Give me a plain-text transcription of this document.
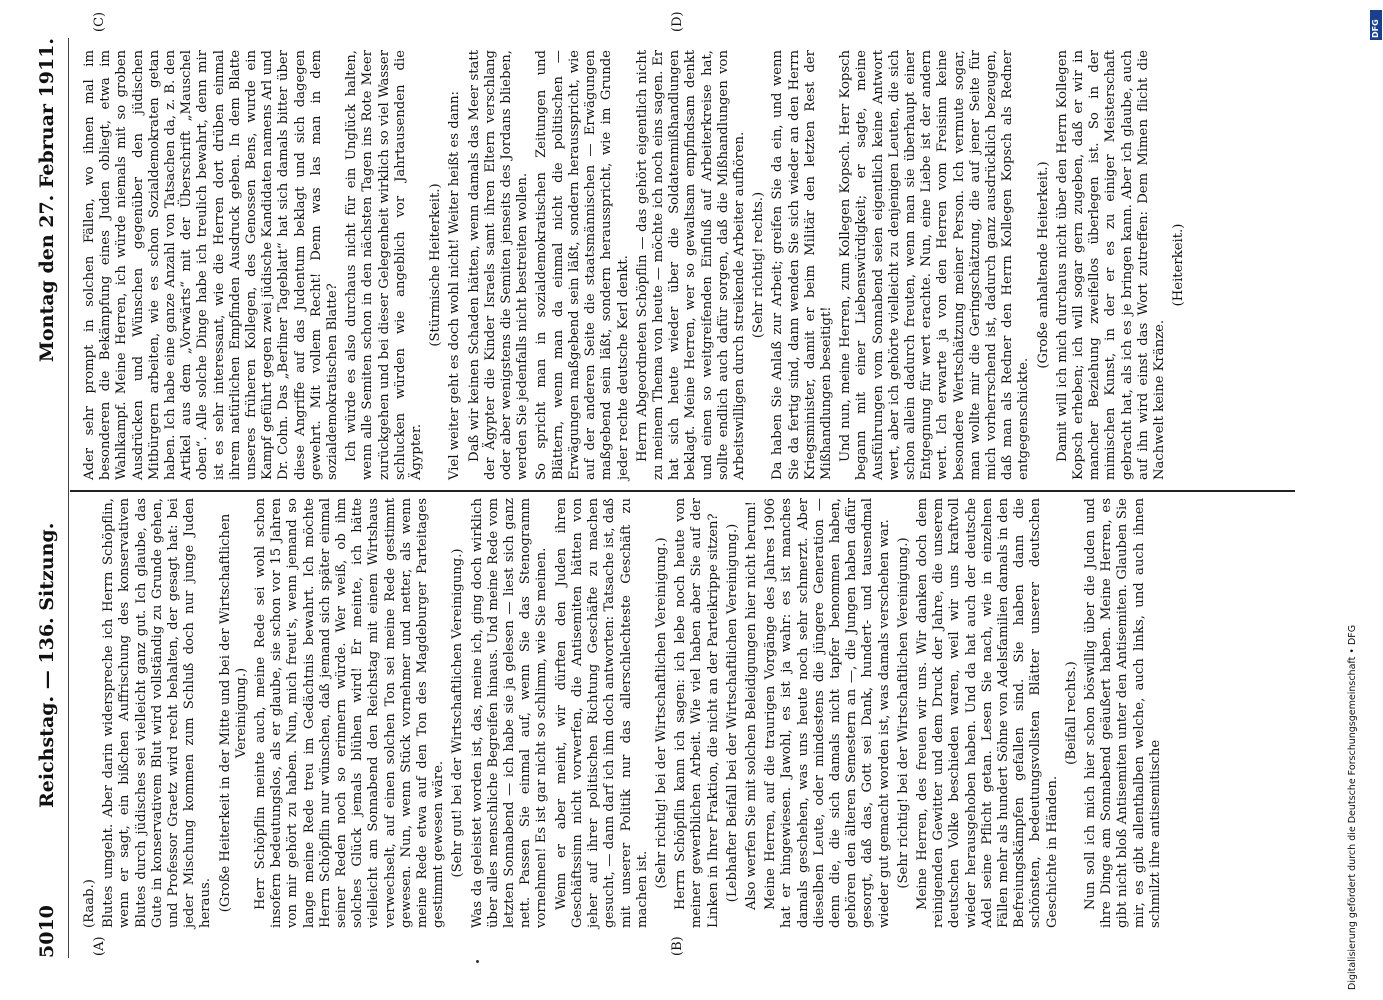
5010
Reichstag. — 136. Sitzung.
Montag den 27. Februar 1911.
(A)	(B)
(C)	(D)

(Raab.) Blutes umgeht. Aber darin widerspreche ich Herrn Schöpflin, wenn er sagt, ein bißchen Auffrischung des konservativen Blutes durch jüdisches sei vielleicht ganz gut. Ich glaube, das Gute in konservativem Blut wird vollständig zu Grunde gehen, und Professor Graetz wird recht behalten, der gesagt hat: bei jeder Mischung kommen zum Schluß doch nur junge Juden heraus. (Große Heiterkeit in der Mitte und bei der Wirtschaftlichen Vereinigung.) Herr Schöpflin meinte auch, meine Rede sei wohl schon insofern bedeutungslos, als er glaube, sie schon vor 15 Jahren von mir gehört zu haben. Nun, mich freut's, wenn jemand so lange meine Rede treu im Gedächtnis bewahrt. Ich möchte Herrn Schöpflin nur wünschen, daß jemand sich später einmal seiner Reden noch so erinnern würde. Wer weiß, ob ihm solches Glück jemals blühen wird! Er meinte, ich hätte vielleicht am Sonnabend den Reichstag mit einem Wirtshaus verwechselt, auf einen solchen Ton sei meine Rede gestimmt gewesen. Nun, wenn Stück vornehmer und netter, als wenn meine Rede etwa auf den Ton des Magdeburger Parteitages gestimmt gewesen wäre. (Sehr gut! bei der Wirtschaftlichen Vereinigung.) Was da geleistet worden ist, das, meine ich, ging doch wirklich über alles menschliche Begreifen hinaus. Und meine Rede vom letzten Sonnabend — ich habe sie ja gelesen — liest sich ganz nett. Passen Sie einmal auf, wenn Sie das Stenogramm vornehmen! Es ist gar nicht so schlimm, wie Sie meinen. Wenn er aber meint, wir dürften den Juden ihren Geschäftssinn nicht vorwerfen, die Antisemiten hätten von jeher auf ihrer politischen Richtung Geschäfte zu machen gesucht, — dann darf ich ihm doch antworten: Tatsache ist, daß mit unserer Politik nur das allerschlechteste Geschäft zu machen ist.

(Sehr richtig! bei der Wirtschaftlichen Vereinigung.) Herrn Schöpflin kann ich sagen: ich lebe noch heute von meiner gewerblichen Arbeit. Wie viel haben aber Sie auf der Linken in Ihrer Fraktion, die nicht an der Parteikrippe sitzen? (Lebhafter Beifall bei der Wirtschaftlichen Vereinigung.) Also werfen Sie mit solchen Beleidigungen hier nicht herum! Meine Herren, auf die traurigen Vorgänge des Jahres 1906 hat er hingewiesen. Jawohl, es ist ja wahr: es ist manches damals geschehen, was uns heute noch sehr schmerzt. Aber dieselben Leute, oder mindestens die jüngere Generation — denn die, die sich damals nicht tapfer benommen haben, gehören den älteren Semestern an —, die Jungen haben dafür gesorgt, daß das, Gott sei Dank, hundert- und tausendmal wieder gut gemacht worden ist, was damals verschehen war. (Sehr richtig! bei der Wirtschaftlichen Vereinigung.) Meine Herren, des freuen wir uns. Wir danken doch dem reinigenden Gewitter und dem Druck der Jahre, die unserem deutschen Volke beschieden waren, weil wir uns kraftvoll wieder herausgehoben haben. Und da hat auch der deutsche Adel seine Pflicht getan. Lesen Sie nach, wie in einzelnen Fällen mehr als hundert Söhne von Adelsfamilien damals in den Befreiungskämpfen gefallen sind. Sie haben dann die schönsten, bedeutungsvollsten Blätter unserer deutschen Geschichte in Händen.

(Beifall rechts.) Nun soll ich mich hier schon böswillig über die Juden und ihre Dinge am Sonnabend geäußert haben. Meine Herren, es gibt nicht bloß Antisemiten unter den Antisemiten. Glauben Sie mir, es gibt allenthalben welche, auch links, und auch ihnen schmilzt ihre antisemitische

Ader sehr prompt in solchen Fällen, wo ihnen mal im besonderen die Bekämpfung eines Juden obliegt, etwa im Wahlkampf. Meine Herren, ich würde niemals mit so groben Ausdrücken und Wünschen gegenüber den jüdischen Mitbürgern arbeiten, wie es schon Sozialdemokraten getan haben. Ich habe eine ganze Anzahl von Tatsachen da, z. B. den Artikel aus dem „Vorwärts“ mit der Überschrift „Mauschel oben“. Alle solche Dinge habe ich treulich bewahrt, denn mir ist es sehr interessant, wie die Herren dort drüben einmal ihrem natürlichen Empfinden Ausdruck geben. In dem Blatte unseres früheren Kollegen, des Genossen Bens, wurde ein Kampf geführt gegen zwei jüdische Kandidaten namens Arl und Dr. Cohn. Das „Berliner Tageblatt“ hat sich damals bitter über diese Angriffe auf das Judentum beklagt und sich dagegen gewehrt. Mit vollem Recht! Denn was las man in dem sozialdemokratischen Blatte? Ich würde es also durchaus nicht für ein Unglück halten, wenn alle Semiten schon in den nächsten Tagen ins Rote Meer zurückgehen und bei dieser Gelegenheit wirklich so viel Wasser schlucken würden wie angeblich vor Jahrtausenden die Ägypter.

(Stürmische Heiterkeit.) Viel weiter geht es doch wohl nicht! Weiter heißt es dann: Daß wir keinen Schaden hätten, wenn damals das Meer statt der Ägypter die Kinder Israels samt ihren Eltern verschlang oder aber wenigstens die Semiten jenseits des Jordans blieben, werden Sie jedenfalls nicht bestreiten wollen. So spricht man in sozialdemokratischen Zeitungen und Blättern, wenn man da einmal nicht die politischen — Erwägungen maßgebend sein läßt, sondern herausspricht, wie auf der anderen Seite die staatsmännischen — Erwägungen maßgebend sein läßt, sondern herausspricht, wie im Grunde jeder rechte deutsche Kerl denkt. Herrn Abgeordneten Schöpflin — das gehört eigentlich nicht zu meinem Thema von heute — möchte ich noch eins sagen. Er hat sich heute wieder über die Soldatenmißhandlungen beklagt. Meine Herren, wer so gewaltsam empfindsam denkt und einen so weitgreifenden Einfluß auf Arbeiterkreise hat, sollte endlich auch dafür sorgen, daß die Mißhandlungen von Arbeitswilligen durch streikende Arbeiter aufhören. (Sehr richtig! rechts.) Da haben Sie Anlaß zur Arbeit; greifen Sie da ein, und wenn Sie da fertig sind, dann wenden Sie sich wieder an den Herrn Kriegsminister, damit er beim Militär den letzten Rest der Mißhandlungen beseitigt! Und nun, meine Herren, zum Kollegen Kopsch. Herr Kopsch begann mit einer Liebenswürdigkeit; er sagte, meine Ausführungen vom Sonnabend seien eigentlich keine Antwort wert, aber ich gehörte vielleicht zu denjenigen Leuten, die sich schon allein dadurch freuten, wenn man sie überhaupt einer Entgegnung für wert erachte. Nun, eine Liebe ist der andern wert. Ich erwarte ja von den Herren vom Freisinn keine besondere Wertschätzung meiner Person. Ich vermute sogar, man wollte mir die Geringschätzung, die auf jener Seite für mich vorherrschend ist, dadurch ganz ausdrücklich bezeugen, daß man als Redner den Herrn Kollegen Kopsch als Redner entgegenschickte.

(Große anhaltende Heiterkeit.) Damit will ich mich durchaus nicht über den Herrn Kollegen Kopsch erheben; ich will sogar gern zugeben, daß er wir in mancher Beziehung zweifellos überlegen ist. So in der mimischen Kunst, in der er es zu einiger Meisterschaft gebracht hat, als ich es je bringen kann. Aber ich glaube, auch auf ihn wird einst das Wort zutreffen: Dem Mimen flicht die Nachwelt keine Kränze.

(Heiterkeit.)

Digitalisierung gefördert durch die Deutsche Forschungsgemeinschaft • DFG
DFG
